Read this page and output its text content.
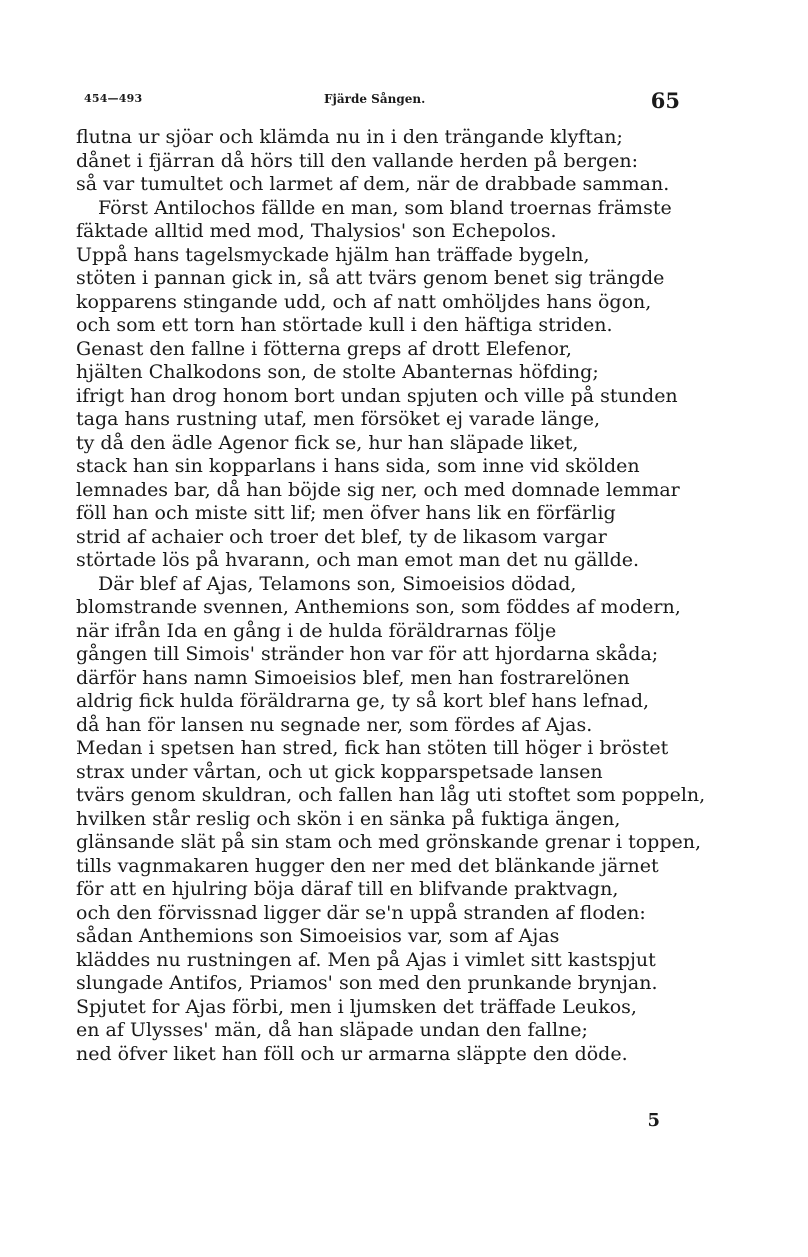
454—493	Fjärde Sången.	65
flutna ur sjöar och klämda nu in i den trängande klyftan;
dånet i fjärran då hörs till den vallande herden på bergen:
så var tumultet och larmet af dem, när de drabbade samman.
Först Antilochos fällde en man, som bland troernas främste
fäktade alltid med mod, Thalysios' son Echepolos.
Uppå hans tagelsmyckade hjälm han träffade bygeln,
stöten i pannan gick in, så att tvärs genom benet sig trängde
kopparens stingande udd, och af natt omhöljdes hans ögon,
och som ett torn han störtade kull i den häftiga striden.
Genast den fallne i fötterna greps af drott Elefenor,
hjälten Chalkodons son, de stolte Abanternas höfding;
ifrigt han drog honom bort undan spjuten och ville på stunden
taga hans rustning utaf, men försöket ej varade länge,
ty då den ädle Agenor fick se, hur han släpade liket,
stack han sin kopparlans i hans sida, som inne vid skölden
lemnades bar, då han böjde sig ner, och med domnade lemmar
föll han och miste sitt lif; men öfver hans lik en förfärlig
strid af achaier och troer det blef, ty de likasom vargar
störtade lös på hvarann, och man emot man det nu gällde.
Där blef af Ajas, Telamons son, Simoeisios dödad,
blomstrande svennen, Anthemions son, som föddes af modern,
när ifrån Ida en gång i de hulda föräldrarnas följe
gången till Simois' stränder hon var för att hjordarna skåda;
därför hans namn Simoeisios blef, men han fostrarelönen
aldrig fick hulda föräldrarna ge, ty så kort blef hans lefnad,
då han för lansen nu segnade ner, som fördes af Ajas.
Medan i spetsen han stred, fick han stöten till höger i bröstet
strax under vårtan, och ut gick kopparspetsade lansen
tvärs genom skuldran, och fallen han låg uti stoftet som poppeln,
hvilken står reslig och skön i en sänka på fuktiga ängen,
glänsande slät på sin stam och med grönskande grenar i toppen,
tills vagnmakaren hugger den ner med det blänkande järnet
för att en hjulring böja däraf till en blifvande praktvagn,
och den förvissnad ligger där se'n uppå stranden af floden:
sådan Anthemions son Simoeisios var, som af Ajas
kläddes nu rustningen af. Men på Ajas i vimlet sitt kastspjut
slungade Antifos, Priamos' son med den prunkande brynjan.
Spjutet for Ajas förbi, men i ljumsken det träffade Leukos,
en af Ulysses' män, då han släpade undan den fallne;
ned öfver liket han föll och ur armarna släppte den döde.
5
